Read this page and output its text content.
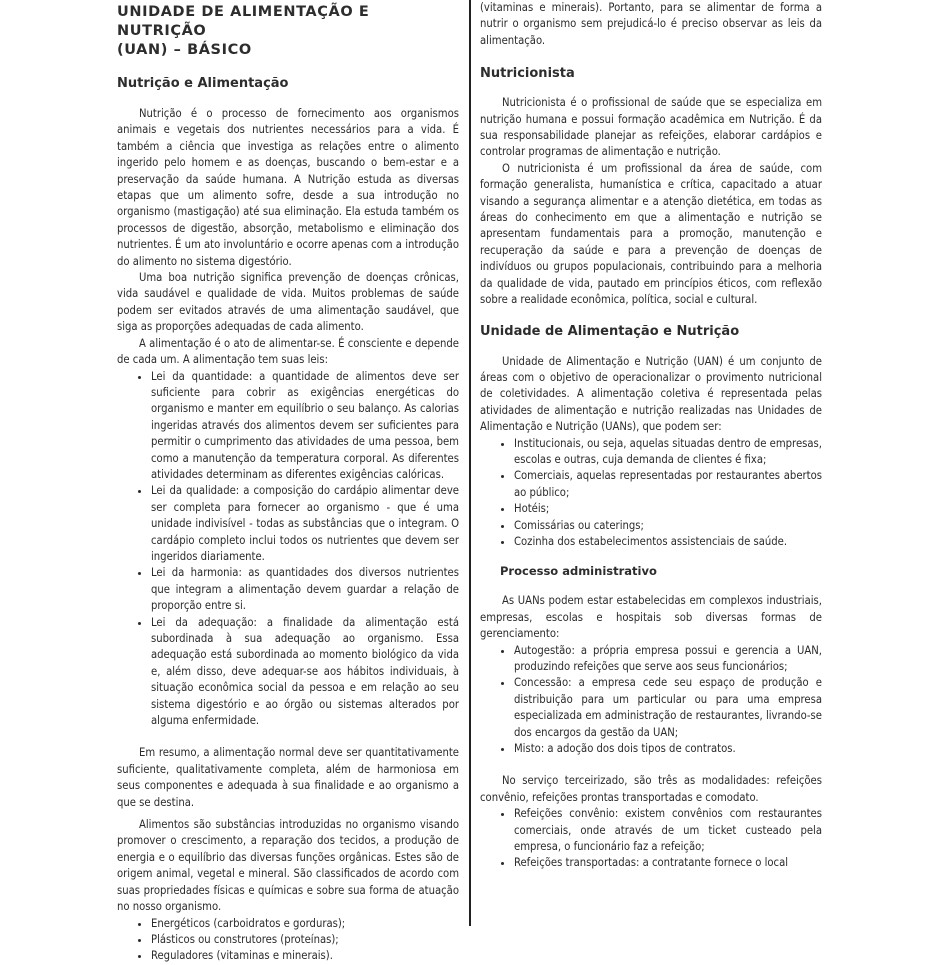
UNIDADE DE ALIMENTAÇÃO E NUTRIÇÃO
(UAN) – BÁSICO
Nutrição e Alimentação

Nutrição é o processo de fornecimento aos organismos animais e vegetais dos nutrientes necessários para a vida. É também a ciência que investiga as relações entre o alimento ingerido pelo homem e as doenças, buscando o bem-estar e a preservação da saúde humana. A Nutrição estuda as diversas etapas que um alimento sofre, desde a sua introdução no organismo (mastigação) até sua eliminação. Ela estuda também os processos de digestão, absorção, metabolismo e eliminação dos nutrientes. É um ato involuntário e ocorre apenas com a introdução do alimento no sistema digestório.

Uma boa nutrição significa prevenção de doenças crônicas, vida saudável e qualidade de vida. Muitos problemas de saúde podem ser evitados através de uma alimentação saudável, que siga as proporções adequadas de cada alimento.

A alimentação é o ato de alimentar-se. É consciente e depende de cada um. A alimentação tem suas leis:

• Lei da quantidade: a quantidade de alimentos deve ser suficiente para cobrir as exigências energéticas do organismo e manter em equilíbrio o seu balanço. As calorias ingeridas através dos alimentos devem ser suficientes para permitir o cumprimento das atividades de uma pessoa, bem como a manutenção da temperatura corporal. As diferentes atividades determinam as diferentes exigências calóricas.
• Lei da qualidade: a composição do cardápio alimentar deve ser completa para fornecer ao organismo - que é uma unidade indivisível - todas as substâncias que o integram. O cardápio completo inclui todos os nutrientes que devem ser ingeridos diariamente.
• Lei da harmonia: as quantidades dos diversos nutrientes que integram a alimentação devem guardar a relação de proporção entre si.
• Lei da adequação: a finalidade da alimentação está subordinada à sua adequação ao organismo. Essa adequação está subordinada ao momento biológico da vida e, além disso, deve adequar-se aos hábitos individuais, à situação econômica social da pessoa e em relação ao seu sistema digestório e ao órgão ou sistemas alterados por alguma enfermidade.

Em resumo, a alimentação normal deve ser quantitativamente suficiente, qualitativamente completa, além de harmoniosa em seus componentes e adequada à sua finalidade e ao organismo a que se destina.

Alimentos são substâncias introduzidas no organismo visando promover o crescimento, a reparação dos tecidos, a produção de energia e o equilíbrio das diversas funções orgânicas. Estes são de origem animal, vegetal e mineral. São classificados de acordo com suas propriedades físicas e químicas e sobre sua forma de atuação no nosso organismo.

• Energéticos (carboidratos e gorduras);
• Plásticos ou construtores (proteínas);
• Reguladores (vitaminas e minerais).

(vitaminas e minerais). Portanto, para se alimentar de forma a nutrir o organismo sem prejudicá-lo é preciso observar as leis da alimentação.

Nutricionista

Nutricionista é o profissional de saúde que se especializa em nutrição humana e possui formação acadêmica em Nutrição. É da sua responsabilidade planejar as refeições, elaborar cardápios e controlar programas de alimentação e nutrição.

O nutricionista é um profissional da área de saúde, com formação generalista, humanística e crítica, capacitado a atuar visando a segurança alimentar e a atenção dietética, em todas as áreas do conhecimento em que a alimentação e nutrição se apresentam fundamentais para a promoção, manutenção e recuperação da saúde e para a prevenção de doenças de indivíduos ou grupos populacionais, contribuindo para a melhoria da qualidade de vida, pautado em princípios éticos, com reflexão sobre a realidade econômica, política, social e cultural.

Unidade de Alimentação e Nutrição

Unidade de Alimentação e Nutrição (UAN) é um conjunto de áreas com o objetivo de operacionalizar o provimento nutricional de coletividades. A alimentação coletiva é representada pelas atividades de alimentação e nutrição realizadas nas Unidades de Alimentação e Nutrição (UANs), que podem ser:

• Institucionais, ou seja, aquelas situadas dentro de empresas, escolas e outras, cuja demanda de clientes é fixa;
• Comerciais, aquelas representadas por restaurantes abertos ao público;
• Hotéis;
• Comissárias ou caterings;
• Cozinha dos estabelecimentos assistenciais de saúde.
Processo administrativo

As UANs podem estar estabelecidas em complexos industriais, empresas, escolas e hospitais sob diversas formas de gerenciamento:

• Autogestão: a própria empresa possui e gerencia a UAN, produzindo refeições que serve aos seus funcionários;
• Concessão: a empresa cede seu espaço de produção e distribuição para um particular ou para uma empresa especializada em administração de restaurantes, livrando-se dos encargos da gestão da UAN;
• Misto: a adoção dos dois tipos de contratos.

No serviço terceirizado, são três as modalidades: refeições convênio, refeições prontas transportadas e comodato.

• Refeições convênio: existem convênios com restaurantes comerciais, onde através de um ticket custeado pela empresa, o funcionário faz a refeição;
• Refeições transportadas: a contratante fornece o local
